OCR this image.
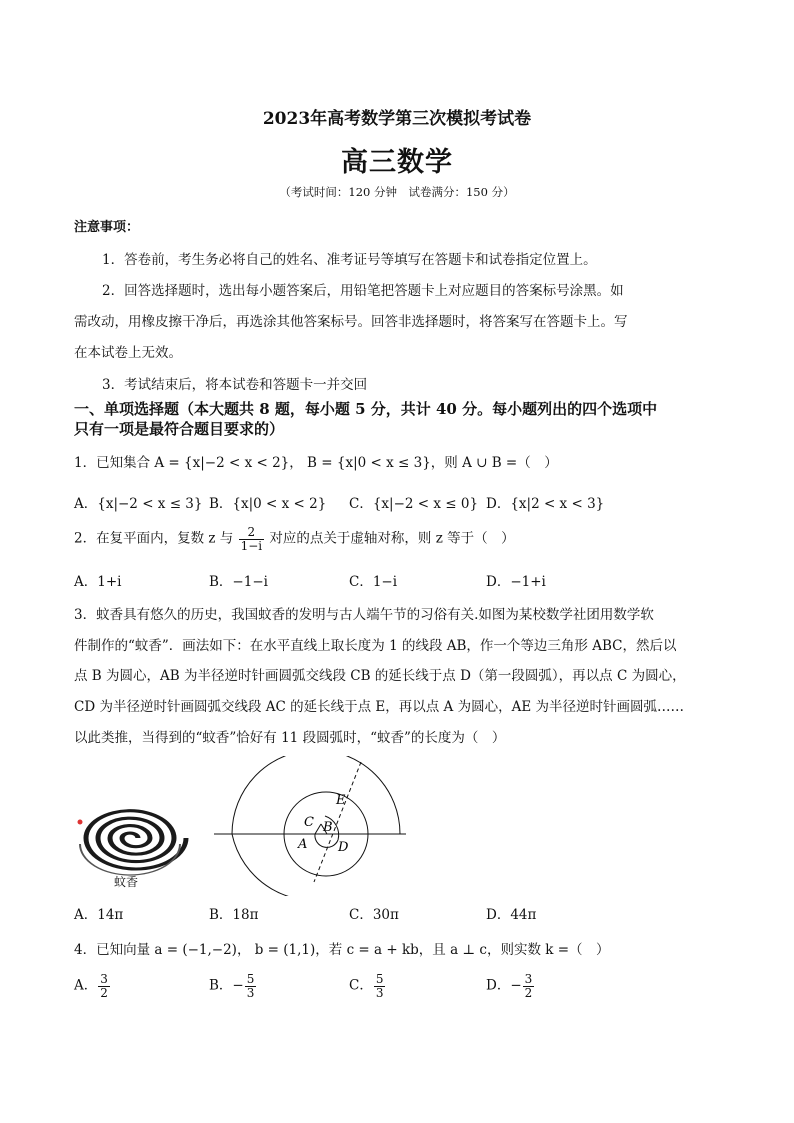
2023年高考数学第三次模拟考试卷
高三数学
（考试时间：120 分钟　试卷满分：150 分）
注意事项：
1．答卷前，考生务必将自己的姓名、准考证号等填写在答题卡和试卷指定位置上。
2．回答选择题时，选出每小题答案后，用铅笔把答题卡上对应题目的答案标号涂黑。如
需改动，用橡皮擦干净后，再选涂其他答案标号。回答非选择题时，将答案写在答题卡上。写
在本试卷上无效。
3．考试结束后，将本试卷和答题卡一并交回
一、单项选择题（本大题共 8 题，每小题 5 分，共计 40 分。每小题列出的四个选项中
只有一项是最符合题目要求的）
1．已知集合 A = {x|−2 < x < 2}， B = {x|0 < x ≤ 3}，则 A ∪ B =（　）
A．{x|−2 < x ≤ 3} B．{x|0 < x < 2} C．{x|−2 < x ≤ 0} D．{x|2 < x < 3}
2．在复平面内，复数 z 与 $\frac{2}{1-i}$ 对应的点关于虚轴对称，则 z 等于（　）
A．1+i	B．−1−i	C．1−i	D．−1+i
3．蚊香具有悠久的历史，我国蚊香的发明与古人端午节的习俗有关.如图为某校数学社团用数学软
件制作的“蚊香”．画法如下：在水平直线上取长度为 1 的线段 AB，作一个等边三角形 ABC，然后以
点 B 为圆心，AB 为半径逆时针画圆弧交线段 CB 的延长线于点 D（第一段圆弧），再以点 C 为圆心，
CD 为半径逆时针画圆弧交线段 AC 的延长线于点 E，再以点 A 为圆心，AE 为半径逆时针画圆弧……
以此类推，当得到的“蚊香”恰好有 11 段圆弧时，“蚊香”的长度为（　）
蚊香
E
C B
A D
A．14π	B．18π	C．30π	D．44π
4．已知向量 a = (−1,−2)， b = (1,1)，若 c = a + kb，且 a ⊥ c，则实数 k =（　）
A． $\frac{3}{2}$	B．− $\frac{5}{3}$	C． $\frac{5}{3}$	D．− $\frac{3}{2}$
